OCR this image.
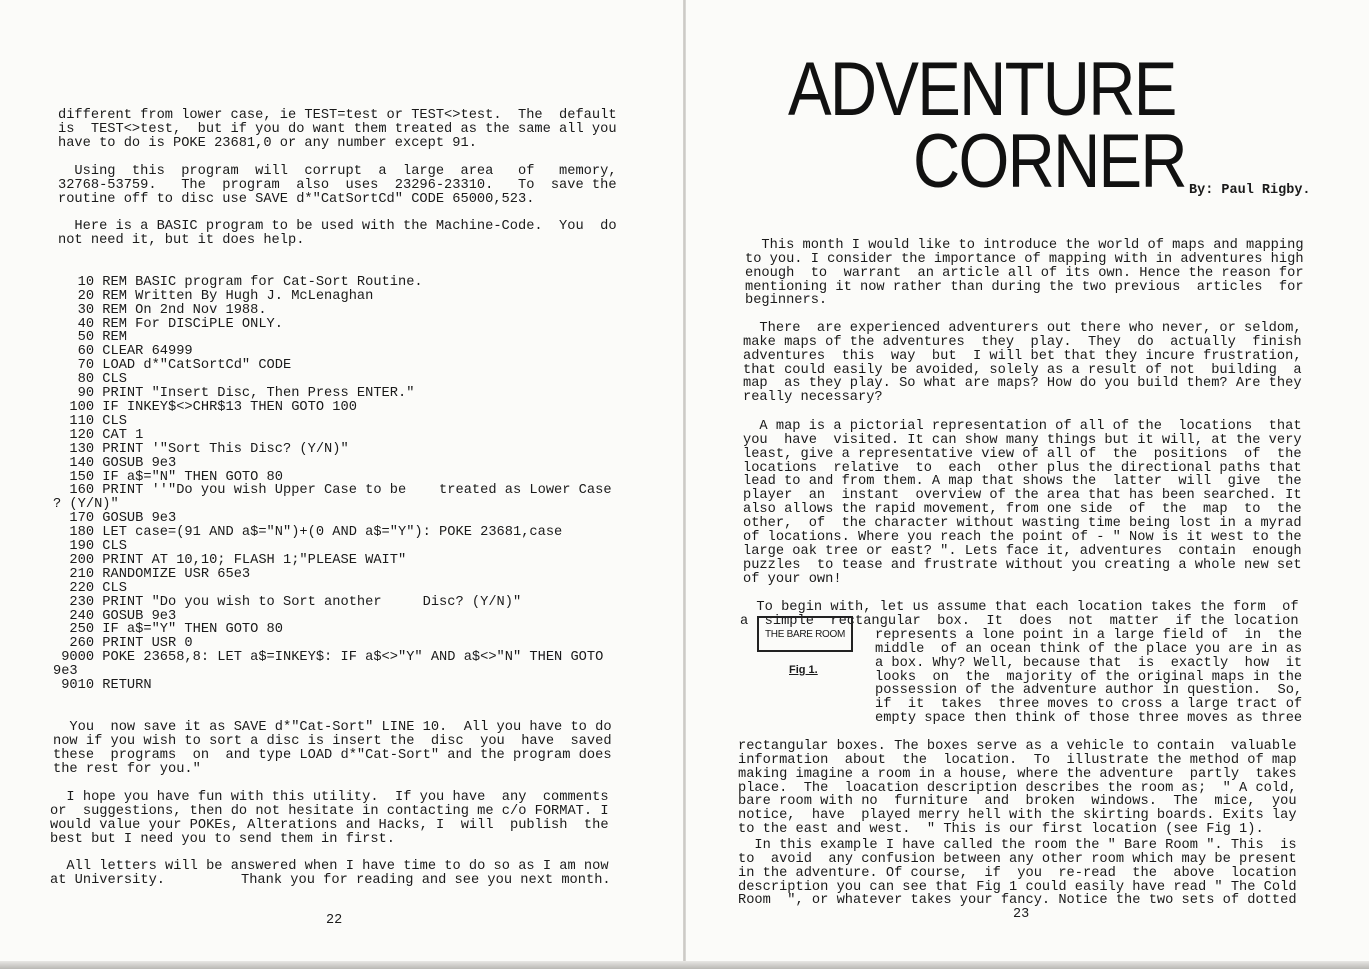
different from lower case, ie TEST=test or TEST<>test.  The  default
is  TEST<>test,  but if you do want them treated as the same all you
have to do is POKE 23681,0 or any number except 91.

Using  this  program  will  corrupt  a  large  area   of   memory,
32768-53759.   The  program  also  uses  23296-23310.   To  save the
routine off to disc use SAVE d*"CatSortCd" CODE 65000,523.

Here is a BASIC program to be used with the Machine-Code.  You  do
not need it, but it does help.

10 REM BASIC program for Cat-Sort Routine.
20 REM Written By Hugh J. McLenaghan
30 REM On 2nd Nov 1988.
40 REM For DISCiPLE ONLY.
50 REM
60 CLEAR 64999
70 LOAD d*"CatSortCd" CODE
80 CLS
90 PRINT "Insert Disc, Then Press ENTER."
100 IF INKEY$<>CHR$13 THEN GOTO 100
110 CLS
120 CAT 1
130 PRINT '"Sort This Disc? (Y/N)"
140 GOSUB 9e3
150 IF a$="N" THEN GOTO 80
160 PRINT ''"Do you wish Upper Case to be    treated as Lower Case
? (Y/N)"
170 GOSUB 9e3
180 LET case=(91 AND a$="N")+(0 AND a$="Y"): POKE 23681,case
190 CLS
200 PRINT AT 10,10; FLASH 1;"PLEASE WAIT"
210 RANDOMIZE USR 65e3
220 CLS
230 PRINT "Do you wish to Sort another     Disc? (Y/N)"
240 GOSUB 9e3
250 IF a$="Y" THEN GOTO 80
260 PRINT USR 0
9000 POKE 23658,8: LET a$=INKEY$: IF a$<>"Y" AND a$<>"N" THEN GOTO
9e3
9010 RETURN

You  now save it as SAVE d*"Cat-Sort" LINE 10.  All you have to do
now if you wish to sort a disc is insert the  disc  you  have  saved
these  programs  on  and type LOAD d*"Cat-Sort" and the program does
the rest for you."

I hope you have fun with this utility.  If you have  any  comments
or  suggestions, then do not hesitate in contacting me c/o FORMAT. I
would value your POKEs, Alterations and Hacks, I  will  publish  the
best but I need you to send them in first.

All letters will be answered when I have time to do so as I am now
at University.	Thank you for reading and see you next month.
22
ADVENTURE
CORNER By: Paul Rigby.

This month I would like to introduce the world of maps and mapping
to you. I consider the importance of mapping with in adventures high
enough  to  warrant  an article all of its own. Hence the reason for
mentioning it now rather than during the two previous  articles  for
beginners.

There  are experienced adventurers out there who never, or seldom,
make maps of the adventures  they  play.  They  do  actually  finish
adventures  this  way  but  I will bet that they incure frustration,
that could easily be avoided, solely as a result of not  building  a
map  as they play. So what are maps? How do you build them? Are they
really necessary?

A map is a pictorial representation of all of the  locations  that
you  have  visited. It can show many things but it will, at the very
least, give a representative view of all of  the  positions  of  the
locations  relative  to  each  other plus the directional paths that
lead to and from them. A map that shows the  latter  will  give  the
player  an  instant  overview of the area that has been searched. It
also allows the rapid movement, from one side  of  the  map  to  the
other,  of  the character without wasting time being lost in a myrad
of locations. Where you reach the point of - " Now is it west to the
large oak tree or east? ". Lets face it, adventures  contain  enough
puzzles  to tease and frustrate without you creating a whole new set
of your own!

To begin with, let us assume that each location takes the form  of
a  simple  rectangular  box.  It  does  not  matter  if the location

represents a lone point in a large field of  in  the
middle  of an ocean think of the place you are in as
a box. Why? Well, because that  is  exactly  how  it
looks  on  the  majority of the original maps in the
possession of the adventure author in question.  So,
if  it  takes  three moves to cross a large tract of
empty space then think of those three moves as three

rectangular boxes. The boxes serve as a vehicle to contain  valuable
information  about  the  location.  To  illustrate the method of map
making imagine a room in a house, where the adventure  partly  takes
place.  The  loacation description describes the room as;  " A cold,
bare room with no  furniture  and  broken  windows.  The  mice,  you
notice,  have  played merry hell with the skirting boards. Exits lay
to the east and west.  " This is our first location (see Fig 1).

In this example I have called the room the " Bare Room ". This  is
to  avoid  any confusion between any other room which may be present
in the adventure. Of course,  if  you  re-read  the  above  location
description you can see that Fig 1 could easily have read " The Cold
Room  ", or whatever takes your fancy. Notice the two sets of dotted

THE BARE ROOM
Fig 1.
23
